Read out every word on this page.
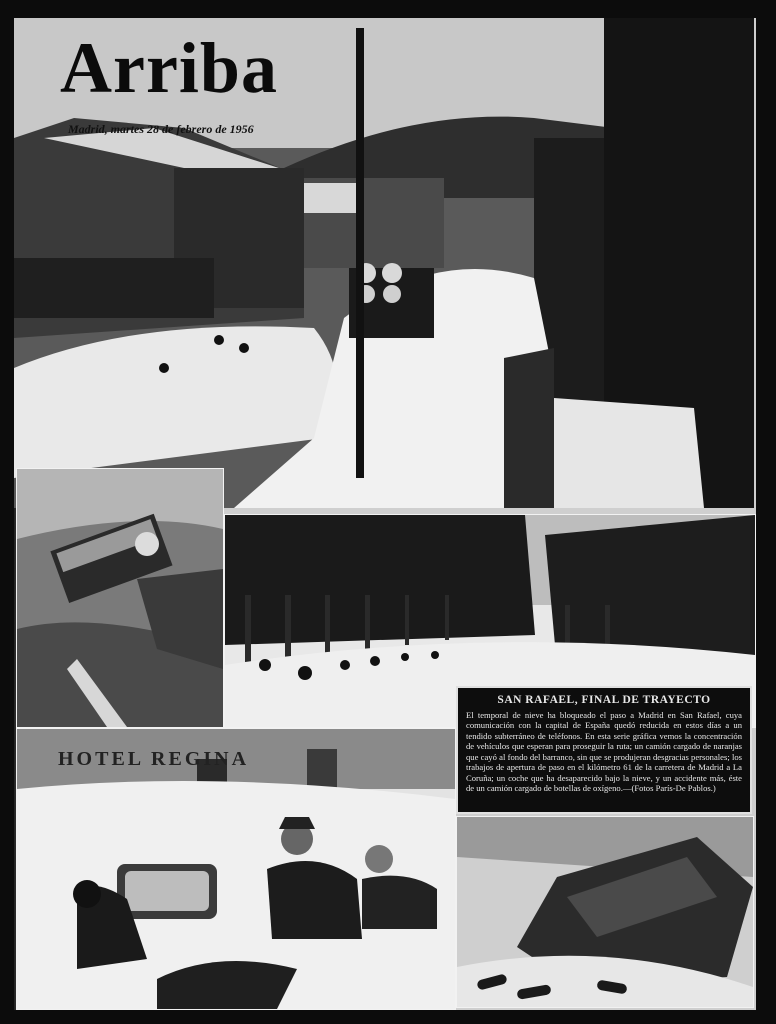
Arriba
Madrid, martes 28 de febrero de 1956

SAN RAFAEL, FINAL DE TRAYECTO

El temporal de nieve ha bloqueado el paso a Madrid en San Rafael, cuya comunicación con la capital de España quedó reducida en estos días a un tendido subterráneo de teléfonos. En esta serie gráfica vemos la concentración de vehículos que esperan para proseguir la ruta; un camión cargado de naranjas que cayó al fondo del barranco, sin que se produjeran desgracias personales; los trabajos de apertura de paso en el kilómetro 61 de la carretera de Madrid a La Coruña; un coche que ha desaparecido bajo la nieve, y un accidente más, éste de un camión cargado de botellas de oxígeno.—(Fotos París-De Pablos.)

HOTEL REGINA
